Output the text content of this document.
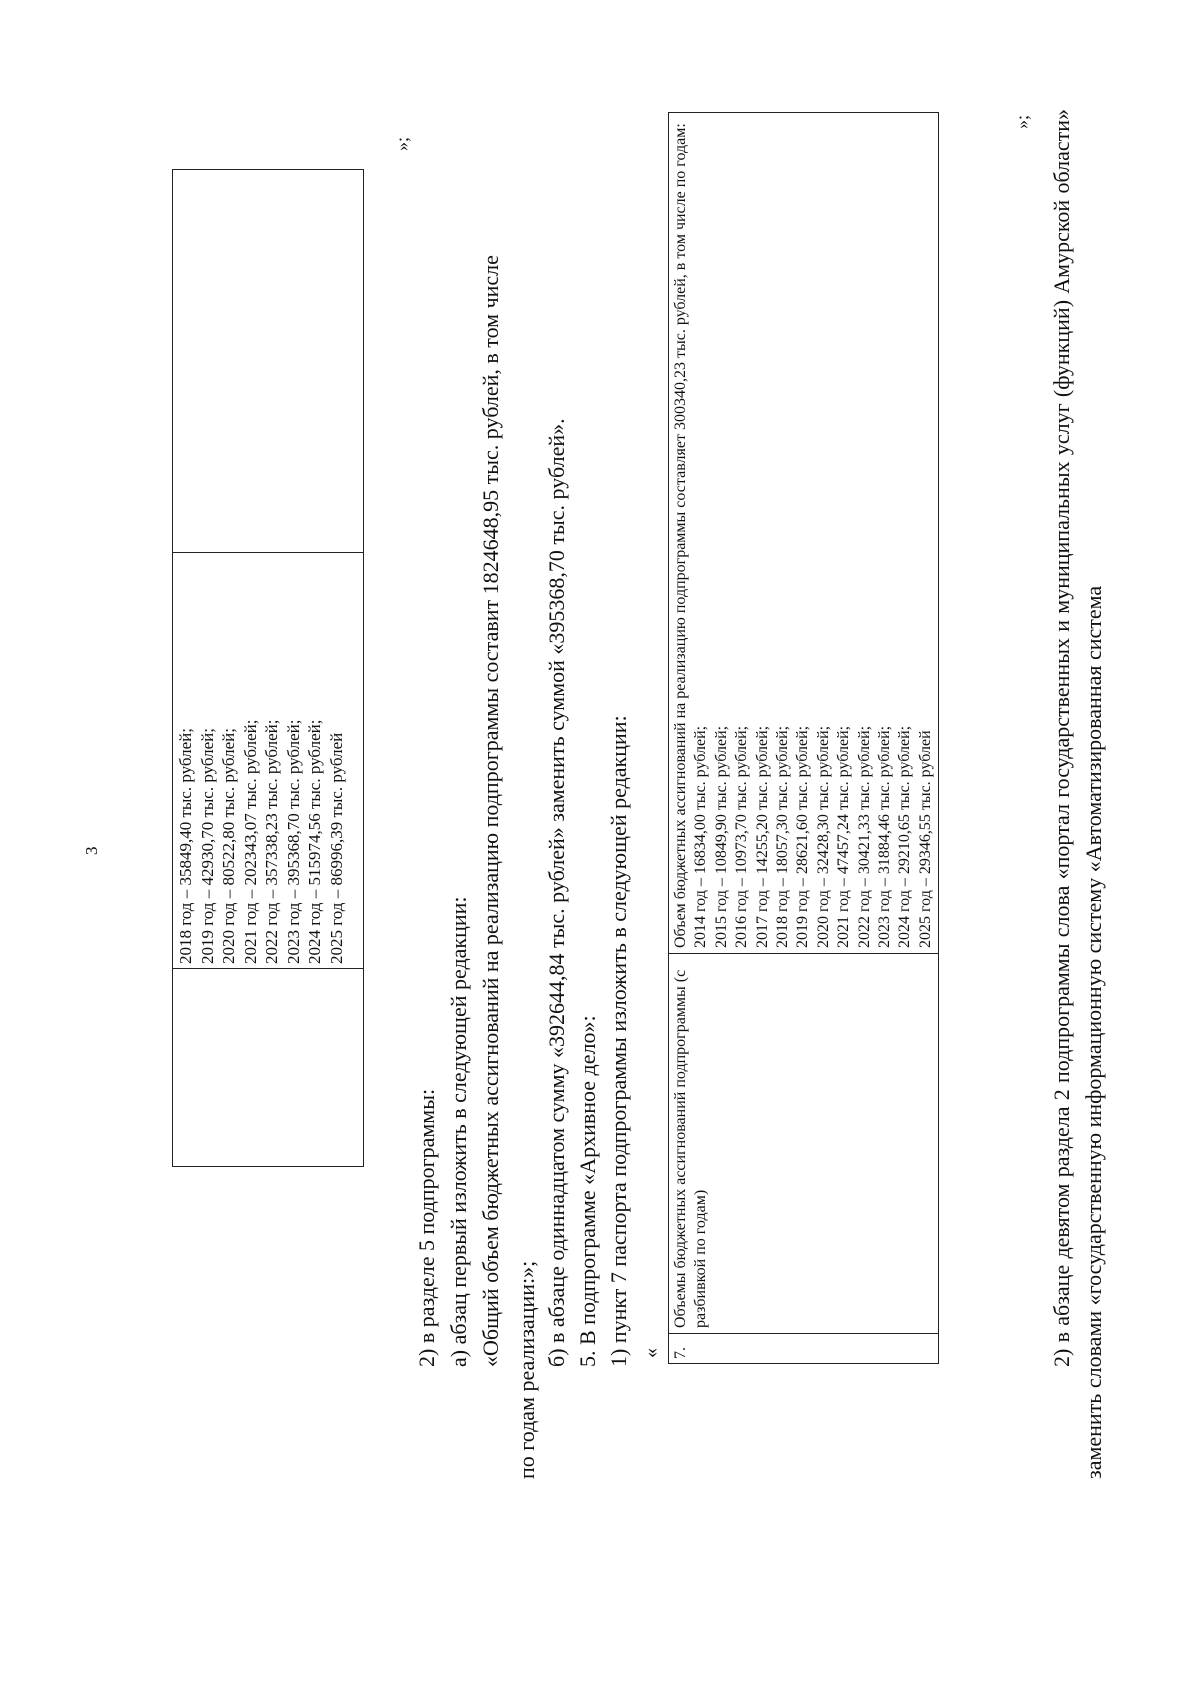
3	2018 год – 35849,40 тыс. рублей; 2019 год – 42930,70 тыс. рублей; 2020 год – 80522,80 тыс. рублей; 2021 год – 202343,07 тыс. рублей; 2022 год – 357338,23 тыс. рублей; 2023 год – 395368,70 тыс. рублей; 2024 год – 515974,56 тыс. рублей; 2025 год – 86996,39 тыс. рублей
»;
2) в разделе 5 подпрограммы: а) абзац первый изложить в следующей редакции: «Общий объем бюджетных ассигнований на реализацию подпрограммы составит 1824648,95 тыс. рублей, в том числе
по годам реализации:»;
б) в абзаце одиннадцатом сумму «392644,84 тыс. рублей» заменить суммой «395368,70 тыс. рублей». 5. В подпрограмме «Архивное дело»: 1) пункт 7 паспорта подпрограммы изложить в следующей редакции: « 7.
Объемы бюджетных ассигнований подпрограммы (с разбивкой по годам)
Объем бюджетных ассигнований на реализацию подпрограммы составляет 300340,23 тыс. рублей, в том числе по годам: 2014 год – 16834,00 тыс. рублей; 2015 год – 10849,90 тыс. рублей; 2016 год – 10973,70 тыс. рублей; 2017 год – 14255,20 тыс. рублей; 2018 год – 18057,30 тыс. рублей; 2019 год – 28621,60 тыс. рублей; 2020 год – 32428,30 тыс. рублей; 2021 год – 47457,24 тыс. рублей; 2022 год – 30421,33 тыс. рублей; 2023 год – 31884,46 тыс. рублей; 2024 год – 29210,65 тыс. рублей; 2025 год – 29346,55 тыс. рублей
»; 2) в абзаце девятом раздела 2 подпрограммы слова «портал государственных и муниципальных услуг (функций) Амурской области» заменить словами «государственную информационную систему «Автоматизированная система
